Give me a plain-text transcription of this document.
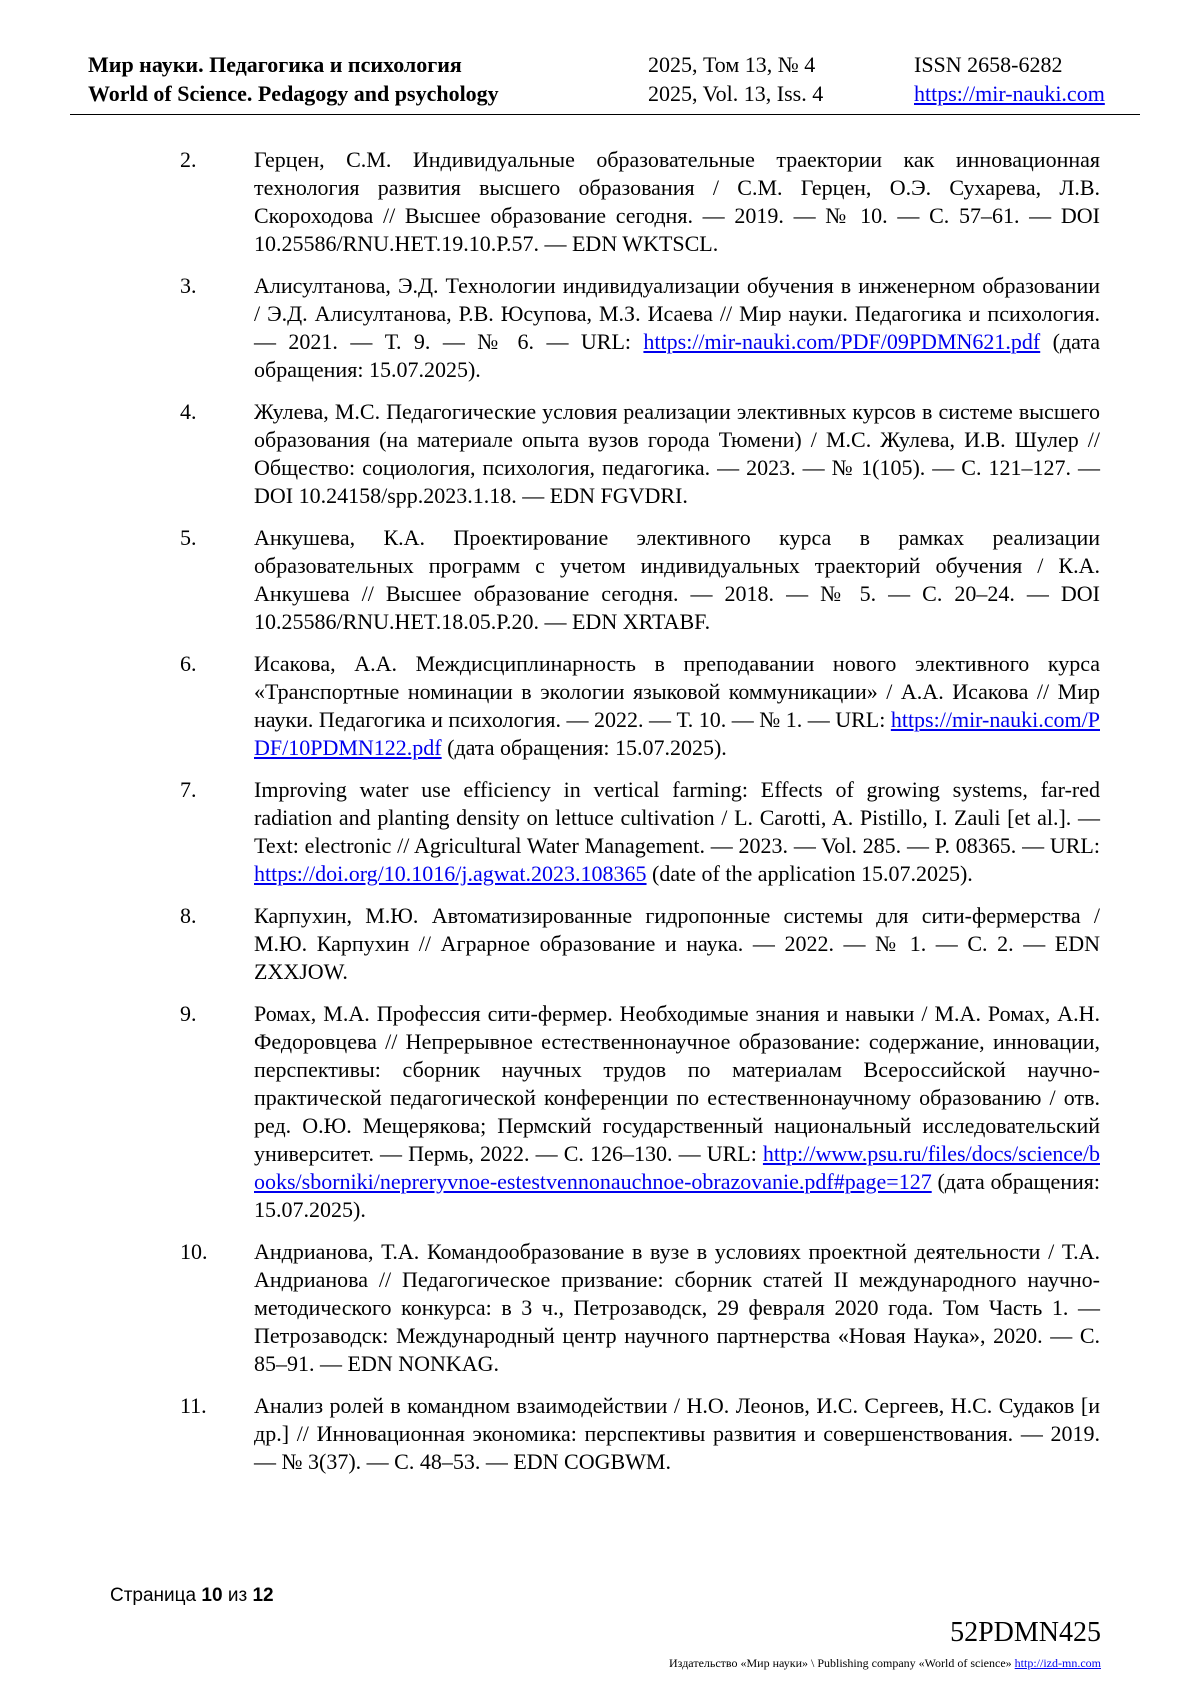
Мир науки. Педагогика и психология
World of Science. Pedagogy and psychology
2025, Том 13, № 4
2025, Vol. 13, Iss. 4
ISSN 2658-6282
https://mir-nauki.com
2.	Герцен, С.М. Индивидуальные образовательные траектории как инновационная технология развития высшего образования / С.М. Герцен, О.Э. Сухарева, Л.В. Скороходова // Высшее образование сегодня. — 2019. — № 10. — С. 57–61. — DOI 10.25586/RNU.HET.19.10.P.57. — EDN WKTSCL.
3.	Алисултанова, Э.Д. Технологии индивидуализации обучения в инженерном образовании / Э.Д. Алисултанова, Р.В. Юсупова, М.З. Исаева // Мир науки. Педагогика и психология. — 2021. — Т. 9. — № 6. — URL: https://mir-nauki.com/PDF/09PDMN621.pdf (дата обращения: 15.07.2025).
4.	Жулева, М.С. Педагогические условия реализации элективных курсов в системе высшего образования (на материале опыта вузов города Тюмени) / М.С. Жулева, И.В. Шулер // Общество: социология, психология, педагогика. — 2023. — № 1(105). — С. 121–127. — DOI 10.24158/spp.2023.1.18. — EDN FGVDRI.
5.	Анкушева, К.А. Проектирование элективного курса в рамках реализации образовательных программ с учетом индивидуальных траекторий обучения / К.А. Анкушева // Высшее образование сегодня. — 2018. — № 5. — С. 20–24. — DOI 10.25586/RNU.HET.18.05.P.20. — EDN XRTABF.
6.	Исакова, А.А. Междисциплинарность в преподавании нового элективного курса «Транспортные номинации в экологии языковой коммуникации» / А.А. Исакова // Мир науки. Педагогика и психология. — 2022. — Т. 10. — № 1. — URL: https://mir-nauki.com/PDF/10PDMN122.pdf (дата обращения: 15.07.2025).
7.	Improving water use efficiency in vertical farming: Effects of growing systems, far-red radiation and planting density on lettuce cultivation / L. Carotti, A. Pistillo, I. Zauli [et al.]. — Text: electronic // Agricultural Water Management. — 2023. — Vol. 285. — P. 08365. — URL: https://doi.org/10.1016/j.agwat.2023.108365 (date of the application 15.07.2025).
8.	Карпухин, М.Ю. Автоматизированные гидропонные системы для сити-фермерства / М.Ю. Карпухин // Аграрное образование и наука. — 2022. — № 1. — С. 2. — EDN ZXXJOW.
9.	Ромах, М.А. Профессия сити-фермер. Необходимые знания и навыки / М.А. Ромах, А.Н. Федоровцева // Непрерывное естественнонаучное образование: содержание, инновации, перспективы: сборник научных трудов по материалам Всероссийской научно-практической педагогической конференции по естественнонаучному образованию / отв. ред. О.Ю. Мещерякова; Пермский государственный национальный исследовательский университет. — Пермь, 2022. — С. 126–130. — URL: http://www.psu.ru/files/docs/science/books/sborniki/nepreryvnoe-estestvennonauchnoe-obrazovanie.pdf#page=127 (дата обращения: 15.07.2025).
10. Андрианова, Т.А. Командообразование в вузе в условиях проектной деятельности / Т.А. Андрианова // Педагогическое призвание: сборник статей II международного научно-методического конкурса: в 3 ч., Петрозаводск, 29 февраля 2020 года. Том Часть 1. — Петрозаводск: Международный центр научного партнерства «Новая Наука», 2020. — С. 85–91. — EDN NONKAG.
11. Анализ ролей в командном взаимодействии / Н.О. Леонов, И.С. Сергеев, Н.С. Судаков [и др.] // Инновационная экономика: перспективы развития и совершенствования. — 2019. — № 3(37). — С. 48–53. — EDN COGBWM.
Страница 10 из 12
52PDMN425
Издательство «Мир науки» \ Publishing company «World of science» http://izd-mn.com
